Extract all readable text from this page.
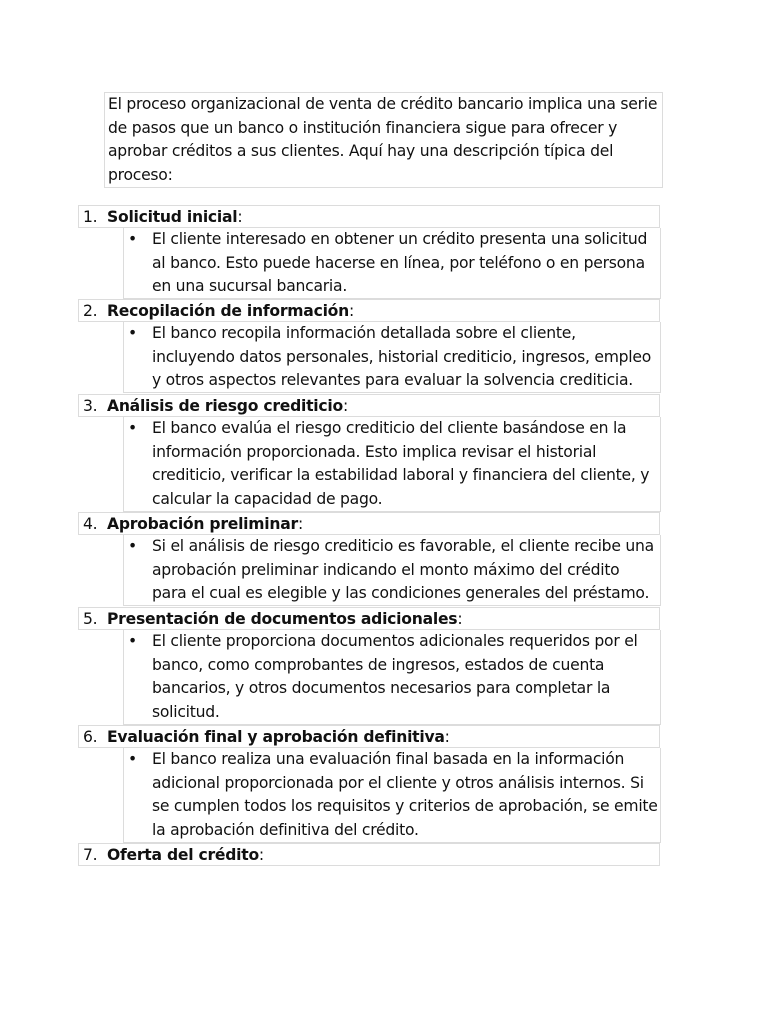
El proceso organizacional de venta de crédito bancario implica una serie de pasos que un banco o institución financiera sigue para ofrecer y aprobar créditos a sus clientes. Aquí hay una descripción típica del proceso:
1. Solicitud inicial:
• El cliente interesado en obtener un crédito presenta una solicitud al banco. Esto puede hacerse en línea, por teléfono o en persona en una sucursal bancaria.
2. Recopilación de información:
• El banco recopila información detallada sobre el cliente, incluyendo datos personales, historial crediticio, ingresos, empleo y otros aspectos relevantes para evaluar la solvencia crediticia.
3. Análisis de riesgo crediticio:
• El banco evalúa el riesgo crediticio del cliente basándose en la información proporcionada. Esto implica revisar el historial crediticio, verificar la estabilidad laboral y financiera del cliente, y calcular la capacidad de pago.
4. Aprobación preliminar:
• Si el análisis de riesgo crediticio es favorable, el cliente recibe una aprobación preliminar indicando el monto máximo del crédito para el cual es elegible y las condiciones generales del préstamo.
5. Presentación de documentos adicionales:
• El cliente proporciona documentos adicionales requeridos por el banco, como comprobantes de ingresos, estados de cuenta bancarios, y otros documentos necesarios para completar la solicitud.
6. Evaluación final y aprobación definitiva:
• El banco realiza una evaluación final basada en la información adicional proporcionada por el cliente y otros análisis internos. Si se cumplen todos los requisitos y criterios de aprobación, se emite la aprobación definitiva del crédito.
7. Oferta del crédito:
